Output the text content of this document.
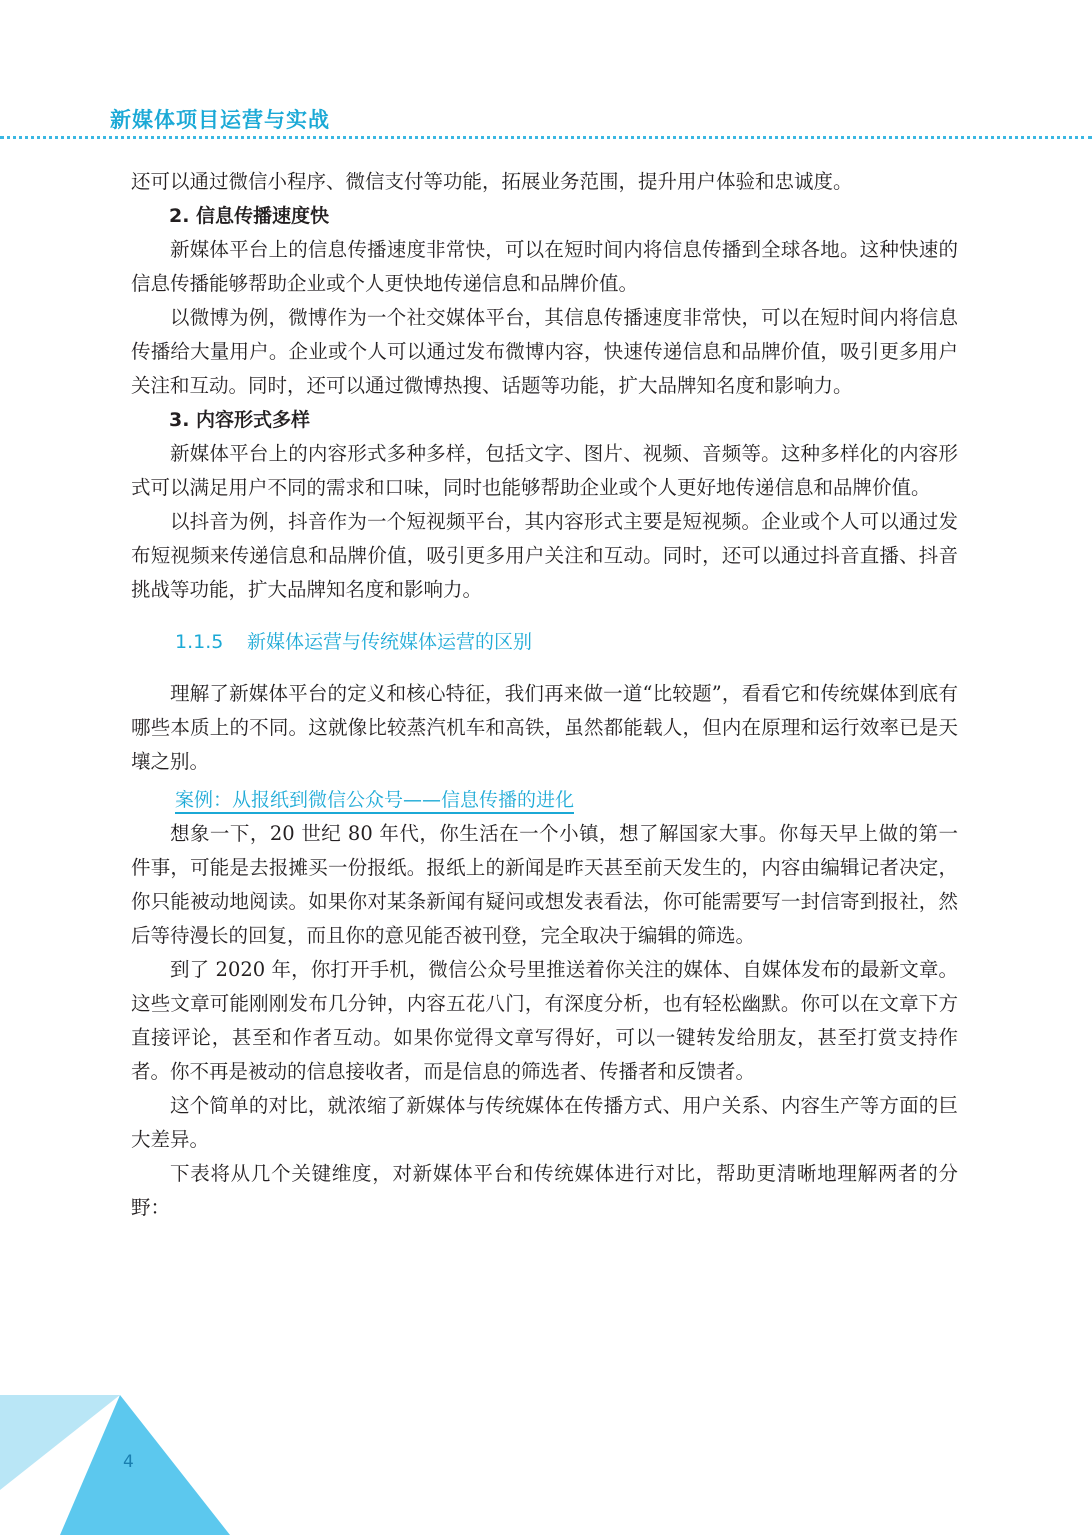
新媒体项目运营与实战

还可以通过微信小程序、微信支付等功能，拓展业务范围，提升用户体验和忠诚度。

2. 信息传播速度快

新媒体平台上的信息传播速度非常快，可以在短时间内将信息传播到全球各地。这种快速的信息传播能够帮助企业或个人更快地传递信息和品牌价值。

以微博为例，微博作为一个社交媒体平台，其信息传播速度非常快，可以在短时间内将信息传播给大量用户。企业或个人可以通过发布微博内容，快速传递信息和品牌价值，吸引更多用户关注和互动。同时，还可以通过微博热搜、话题等功能，扩大品牌知名度和影响力。

3. 内容形式多样

新媒体平台上的内容形式多种多样，包括文字、图片、视频、音频等。这种多样化的内容形式可以满足用户不同的需求和口味，同时也能够帮助企业或个人更好地传递信息和品牌价值。

以抖音为例，抖音作为一个短视频平台，其内容形式主要是短视频。企业或个人可以通过发布短视频来传递信息和品牌价值，吸引更多用户关注和互动。同时，还可以通过抖音直播、抖音挑战等功能，扩大品牌知名度和影响力。

1.1.5 新媒体运营与传统媒体运营的区别

理解了新媒体平台的定义和核心特征，我们再来做一道“比较题”，看看它和传统媒体到底有哪些本质上的不同。这就像比较蒸汽机车和高铁，虽然都能载人，但内在原理和运行效率已是天壤之别。

案例：从报纸到微信公众号——信息传播的进化

想象一下，20 世纪 80 年代，你生活在一个小镇，想了解国家大事。你每天早上做的第一件事，可能是去报摊买一份报纸。报纸上的新闻是昨天甚至前天发生的，内容由编辑记者决定，你只能被动地阅读。如果你对某条新闻有疑问或想发表看法，你可能需要写一封信寄到报社，然后等待漫长的回复，而且你的意见能否被刊登，完全取决于编辑的筛选。

到了 2020 年，你打开手机，微信公众号里推送着你关注的媒体、自媒体发布的最新文章。这些文章可能刚刚发布几分钟，内容五花八门，有深度分析，也有轻松幽默。你可以在文章下方直接评论，甚至和作者互动。如果你觉得文章写得好，可以一键转发给朋友，甚至打赏支持作者。你不再是被动的信息接收者，而是信息的筛选者、传播者和反馈者。

这个简单的对比，就浓缩了新媒体与传统媒体在传播方式、用户关系、内容生产等方面的巨大差异。

下表将从几个关键维度，对新媒体平台和传统媒体进行对比，帮助更清晰地理解两者的分野：

4
